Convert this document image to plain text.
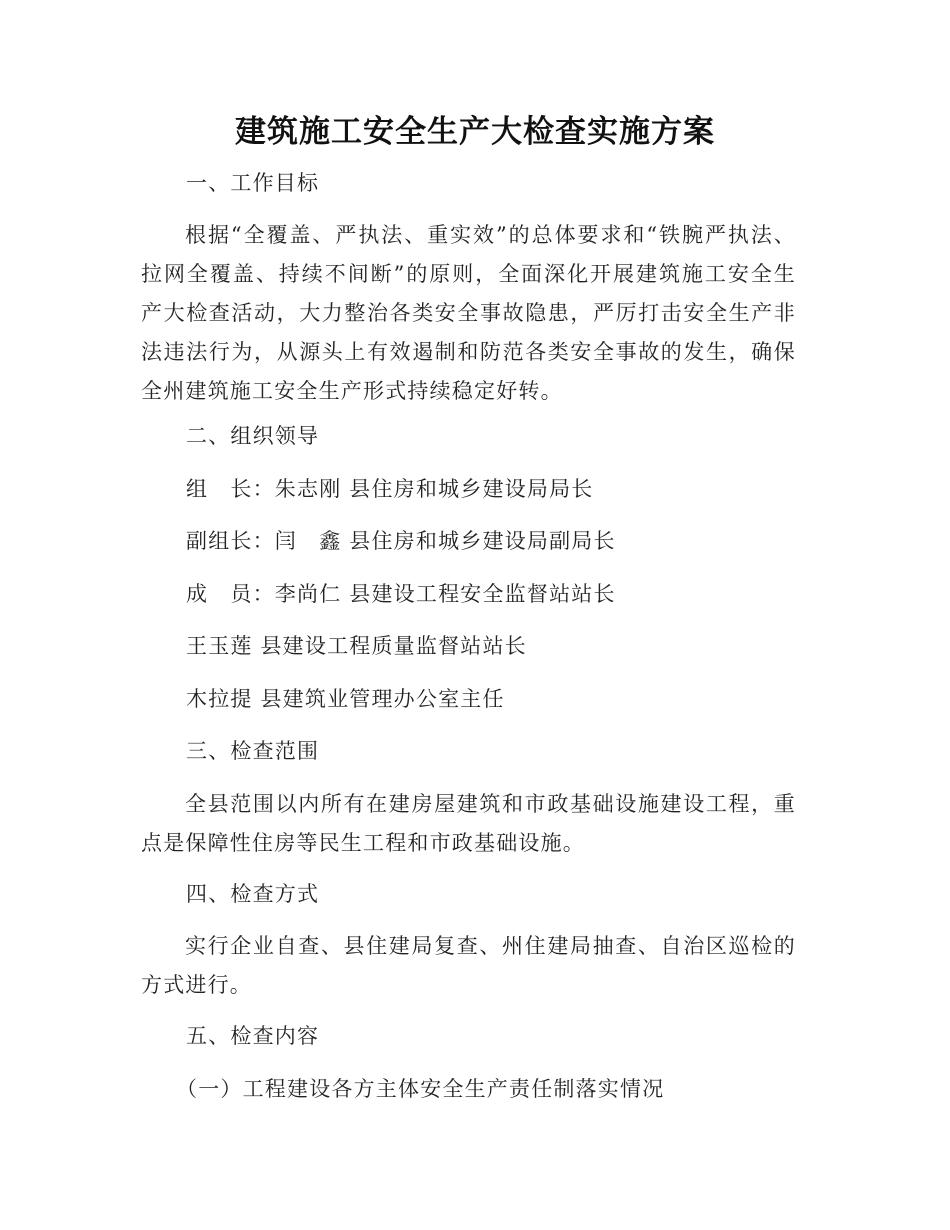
建筑施工安全生产大检查实施方案
一、工作目标
根据“全覆盖、严执法、重实效”的总体要求和“铁腕严执法、拉网全覆盖、持续不间断”的原则，全面深化开展建筑施工安全生产大检查活动，大力整治各类安全事故隐患，严厉打击安全生产非法违法行为，从源头上有效遏制和防范各类安全事故的发生，确保全州建筑施工安全生产形式持续稳定好转。
二、组织领导
组　长：朱志刚 县住房和城乡建设局局长
副组长：闫　鑫 县住房和城乡建设局副局长
成　员：李尚仁 县建设工程安全监督站站长
王玉莲 县建设工程质量监督站站长
木拉提 县建筑业管理办公室主任
三、检查范围
全县范围以内所有在建房屋建筑和市政基础设施建设工程，重点是保障性住房等民生工程和市政基础设施。
四、检查方式
实行企业自查、县住建局复查、州住建局抽查、自治区巡检的方式进行。
五、检查内容
（一）工程建设各方主体安全生产责任制落实情况
